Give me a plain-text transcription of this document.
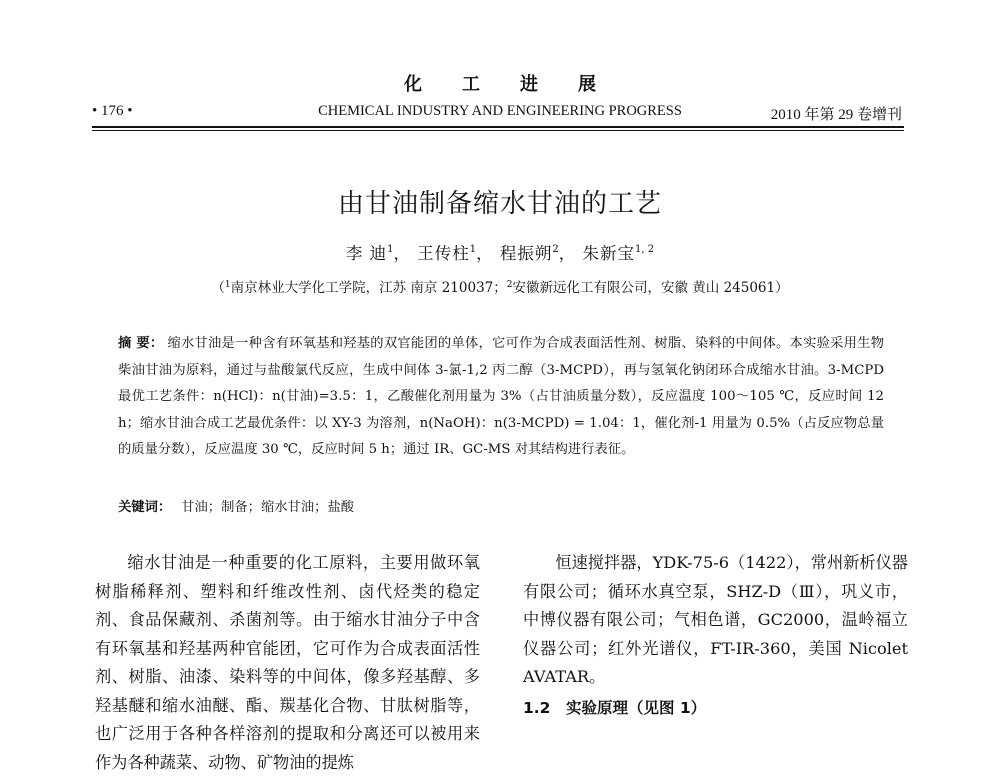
化工进展
• 176 •	CHEMICAL INDUSTRY AND ENGINEERING PROGRESS	2010 年第 29 卷增刊
由甘油制备缩水甘油的工艺
李 迪$^1$， 王传柱$^1$， 程振朔$^2$， 朱新宝$^{1, 2}$
（$^1$南京林业大学化工学院，江苏 南京 210037；$^2$安徽新远化工有限公司，安徽 黄山 245061）
摘 要： 缩水甘油是一种含有环氧基和羟基的双官能团的单体，它可作为合成表面活性剂、树脂、染料的中间体。本实验采用生物柴油甘油为原料，通过与盐酸氯代反应，生成中间体 3-氯-1,2 丙二醇（3-MCPD），再与氢氧化钠闭环合成缩水甘油。3-MCPD 最优工艺条件：n(HCl)：n(甘油)=3.5：1，乙酸催化剂用量为 3%（占甘油质量分数），反应温度 100～105 ℃，反应时间 12 h；缩水甘油合成工艺最优条件：以 XY-3 为溶剂，n(NaOH)：n(3-MCPD) = 1.04：1，催化剂-1 用量为 0.5%（占反应物总量的质量分数），反应温度 30 ℃，反应时间 5 h；通过 IR、GC-MS 对其结构进行表征。
关键词： 甘油；制备；缩水甘油；盐酸

缩水甘油是一种重要的化工原料，主要用做环氧树脂稀释剂、塑料和纤维改性剂、卤代烃类的稳定剂、食品保藏剂、杀菌剂等。由于缩水甘油分子中含有环氧基和羟基两种官能团，它可作为合成表面活性剂、树脂、油漆、染料等的中间体，像多羟基醇、多羟基醚和缩水油醚、酯、羰基化合物、甘肽树脂等，也广泛用于各种各样溶剂的提取和分离还可以被用来作为各种蔬菜、动物、矿物油的提炼

恒速搅拌器，YDK-75-6（1422），常州新析仪器有限公司；循环水真空泵，SHZ-D（Ⅲ），巩义市，中博仪器有限公司；气相色谱，GC2000，温岭福立仪器公司；红外光谱仪，FT-IR-360，美国 Nicolet AVATAR。

1.2　实验原理（见图 1）
